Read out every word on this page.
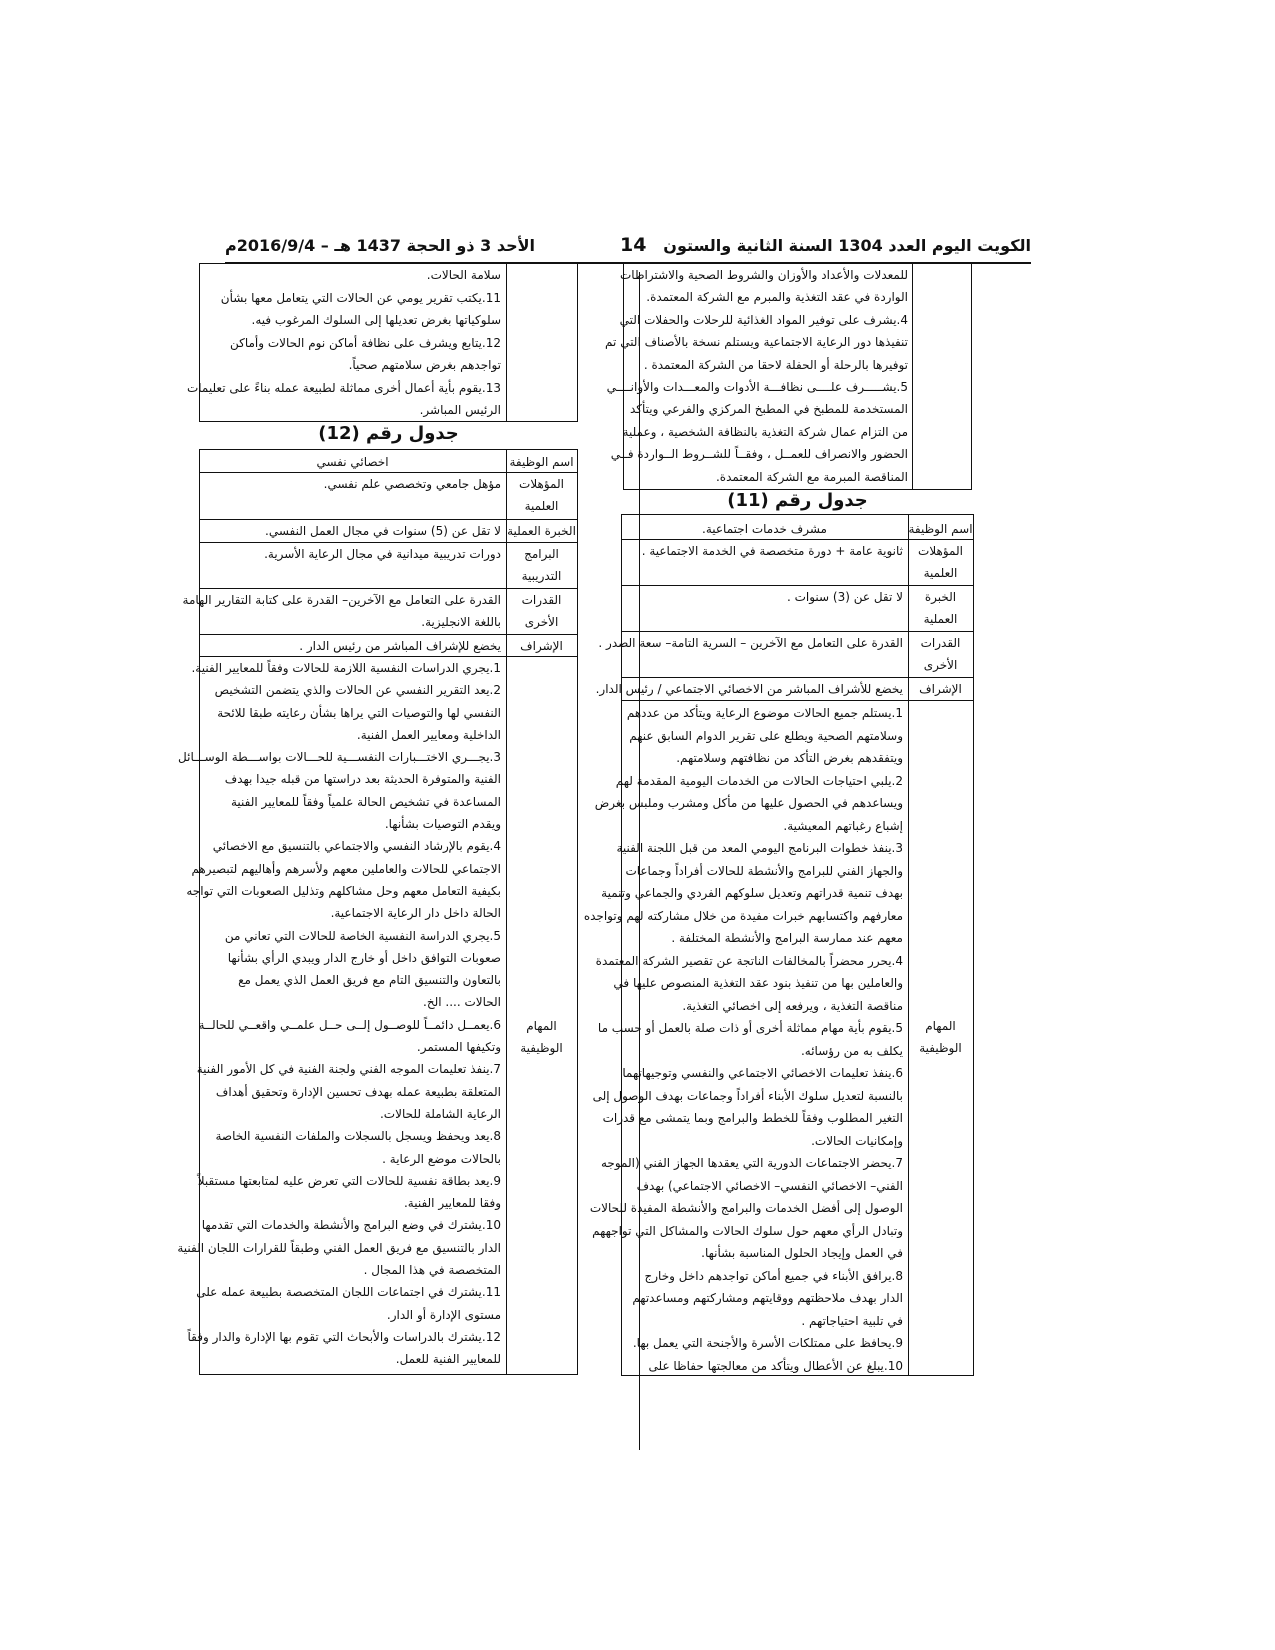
الكويت اليوم العدد 1304 السنة الثانية والستون
14
الأحد 3 ذو الحجة 1437 هـ – 2016/9/4م
للمعدلات والأعداد والأوزان والشروط الصحية والاشتراطات
الواردة في عقد التغذية والمبرم مع الشركة المعتمدة.
4.يشرف على توفير المواد الغذائية للرحلات والحفلات التي
تنفيذها دور الرعاية الاجتماعية ويستلم نسخة بالأصناف التي تم
توفيرها بالرحلة أو الحفلة لاحقا من الشركة المعتمدة .
5.يشـــــرف علــــى نظافـــة الأدوات والمعـــدات والأوانــــي
المستخدمة للمطبخ في المطبخ المركزي والفرعي ويتأكد
من التزام عمال شركة التغذية بالنظافة الشخصية ، وعملية
الحضور والانصراف للعمــل ، وفقــاً للشــروط الــواردة فــي
المناقصة المبرمة مع الشركة المعتمدة.
جدول رقم (11)
اسم الوظيفة
مشرف خدمات اجتماعية.
المؤهلات
العلمية
ثانوية عامة + دورة متخصصة في الخدمة الاجتماعية .
الخبرة
العملية
لا تقل عن (3) سنوات .
القدرات
الأخرى
القدرة على التعامل مع الآخرين – السرية التامة– سعة الصدر .
الإشراف
يخضع للأشراف المباشر من الاخصائي الاجتماعي / رئيس الدار.
المهام
الوظيفية
1.يستلم جميع الحالات موضوع الرعاية ويتأكد من عددهم
وسلامتهم الصحية ويطلع على تقرير الدوام السابق عنهم
ويتفقدهم بغرض التأكد من نظافتهم وسلامتهم.
2.يلبي احتياجات الحالات من الخدمات اليومية المقدمة لهم
ويساعدهم في الحصول عليها من مأكل ومشرب وملبس بغرض
إشباع رغباتهم المعيشية.
3.ينفذ خطوات البرنامج اليومي المعد من قبل اللجنة الفنية
والجهاز الفني للبرامج والأنشطة للحالات أفراداً وجماعات
بهدف تنمية قدراتهم وتعديل سلوكهم الفردي والجماعي وتنمية
معارفهم واكتسابهم خبرات مفيدة من خلال مشاركته لهم وتواجده
معهم عند ممارسة البرامج والأنشطة المختلفة .
4.يحرر محضراً بالمخالفات الناتجة عن تقصير الشركة المعتمدة
والعاملين بها من تنفيذ بنود عقد التغذية المنصوص عليها في
مناقصة التغذية ، ويرفعه إلى اخصائي التغذية.
5.يقوم بأية مهام مماثلة أخرى أو ذات صلة بالعمل أو حسب ما
يكلف به من رؤسائه.
6.ينفذ تعليمات الاخصائي الاجتماعي والنفسي وتوجيهاتهما
بالنسبة لتعديل سلوك الأبناء أفراداً وجماعات بهدف الوصول إلى
التغير المطلوب وفقاً للخطط والبرامج وبما يتمشى مع قدرات
وإمكانيات الحالات.
7.يحضر الاجتماعات الدورية التي يعقدها الجهاز الفني (الموجه
الفني– الاخصائي النفسي– الاخصائي الاجتماعي) بهدف
الوصول إلى أفضل الخدمات والبرامج والأنشطة المفيدة للحالات
وتبادل الرأي معهم حول سلوك الحالات والمشاكل التي تواجههم
في العمل وإيجاد الحلول المناسبة بشأنها.
8.يرافق الأبناء في جميع أماكن تواجدهم داخل وخارج
الدار بهدف ملاحظتهم ووقايتهم ومشاركتهم ومساعدتهم
في تلبية احتياجاتهم .
9.يحافظ على ممتلكات الأسرة والأجنحة التي يعمل بها.
10.يبلغ عن الأعطال ويتأكد من معالجتها حفاظا على
سلامة الحالات.
11.يكتب تقرير يومي عن الحالات التي يتعامل معها بشأن
سلوكياتها بغرض تعديلها إلى السلوك المرغوب فيه.
12.يتابع ويشرف على نظافة أماكن نوم الحالات وأماكن
تواجدهم بغرض سلامتهم صحياً.
13.يقوم بأية أعمال أخرى مماثلة لطبيعة عمله بناءً على تعليمات
الرئيس المباشر.
جدول رقم (12)
اسم الوظيفة
اخصائي نفسي
المؤهلات
العلمية
مؤهل جامعي وتخصصي علم نفسي.
الخبرة العملية
لا تقل عن (5) سنوات في مجال العمل النفسي.
البرامج
التدريبية
دورات تدريبية ميدانية في مجال الرعاية الأسرية.
القدرات
الأخرى
القدرة على التعامل مع الآخرين– القدرة على كتابة التقارير الهامة
باللغة الانجليزية.
الإشراف
يخضع للإشراف المباشر من رئيس الدار .
المهام
الوظيفية
1.يجري الدراسات النفسية اللازمة للحالات وفقاً للمعايير الفنية.
2.يعد التقرير النفسي عن الحالات والذي يتضمن التشخيص
النفسي لها والتوصيات التي يراها بشأن رعايته طبقا للائحة
الداخلية ومعايير العمل الفنية.
3.يجـــري الاختـــبارات النفســـية للحـــالات بواســـطة الوســـائل
الفنية والمتوفرة الحديثة بعد دراستها من قبله جيدا بهدف
المساعدة في تشخيص الحالة علمياً وفقاً للمعايير الفنية
ويقدم التوصيات بشأنها.
4.يقوم بالإرشاد النفسي والاجتماعي بالتنسيق مع الاخصائي
الاجتماعي للحالات والعاملين معهم ولأسرهم وأهاليهم لتبصيرهم
بكيفية التعامل معهم وحل مشاكلهم وتذليل الصعوبات التي تواجه
الحالة داخل دار الرعاية الاجتماعية.
5.يجري الدراسة النفسية الخاصة للحالات التي تعاني من
صعوبات التوافق داخل أو خارج الدار ويبدي الرأي بشأنها
بالتعاون والتنسيق التام مع فريق العمل الذي يعمل مع
الحالات .... الخ.
6.يعمــل دائمــاً للوصــول إلــى حــل علمــي واقعــي للحالــة
وتكيفها المستمر.
7.ينفذ تعليمات الموجه الفني ولجنة الفنية في كل الأمور الفنية
المتعلقة بطبيعة عمله بهدف تحسين الإدارة وتحقيق أهداف
الرعاية الشاملة للحالات.
8.يعد ويحفظ ويسجل بالسجلات والملفات النفسية الخاصة
بالحالات موضع الرعاية .
9.يعد بطاقة نفسية للحالات التي تعرض عليه لمتابعتها مستقبلاً
وفقا للمعايير الفنية.
10.يشترك في وضع البرامج والأنشطة والخدمات التي تقدمها
الدار بالتنسيق مع فريق العمل الفني وطبقاً للقرارات اللجان الفنية
المتخصصة في هذا المجال .
11.يشترك في اجتماعات اللجان المتخصصة بطبيعة عمله على
مستوى الإدارة أو الدار.
12.يشترك بالدراسات والأبحاث التي تقوم بها الإدارة والدار وفقاً
للمعايير الفنية للعمل.
